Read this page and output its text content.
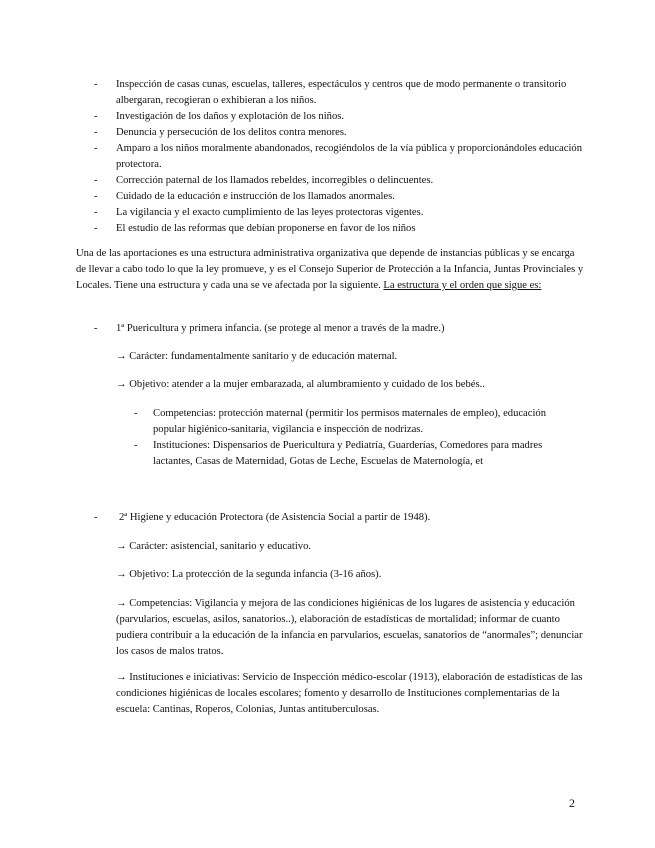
- Inspección de casas cunas, escuelas, talleres, espectáculos y centros que de modo permanente o transitorio albergaran, recogieran o exhibieran a los niños.
- Investigación de los daños y explotación de los niños.
- Denuncia y persecución de los delitos contra menores.
- Amparo a los niños moralmente abandonados, recogiéndolos de la vía pública y proporcionándoles educación protectora.
- Corrección paternal de los llamados rebeldes, incorregibles o delincuentes.
- Cuidado de la educación e instrucción de los llamados anormales.
- La vigilancia y el exacto cumplimiento de las leyes protectoras vigentes.
- El estudio de las reformas que debían proponerse en favor de los niños

Una de las aportaciones es una estructura administrativa organizativa que depende de instancias públicas y se encarga de llevar a cabo todo lo que la ley promueve, y es el Consejo Superior de Protección a la Infancia, Juntas Provinciales y Locales. Tiene una estructura y cada una se ve afectada por la siguiente. La estructura y el orden que sigue es:

- 1ª Puericultura y primera infancia. (se protege al menor a través de la madre.)

→ Carácter: fundamentalmente sanitario y de educación maternal.

→ Objetivo: atender a la mujer embarazada, al alumbramiento y cuidado de los bebés..

- Competencias: protección maternal (permitir los permisos maternales de empleo), educación popular higiénico-sanitaria, vigilancia e inspección de nodrizas.
- Instituciones: Dispensarios de Puericultura y Pediatría, Guarderías, Comedores para madres lactantes, Casas de Maternidad, Gotas de Leche, Escuelas de Maternología, et
- 2ª Higiene y educación Protectora (de Asistencia Social a partir de 1948).

→ Carácter: asistencial, sanitario y educativo.

→ Objetivo: La protección de la segunda infancia (3-16 años).

→ Competencias: Vigilancia y mejora de las condiciones higiénicas de los lugares de asistencia y educación (parvularios, escuelas, asilos, sanatorios..), elaboración de estadísticas de mortalidad; informar de cuanto pudiera contribuir a la educación de la infancia en parvularios, escuelas, sanatorios de “anormales”; denunciar los casos de malos tratos.

→ Instituciones e iniciativas: Servicio de Inspección médico-escolar (1913), elaboración de estadísticas de las condiciones higiénicas de locales escolares; fomento y desarrollo de Instituciones complementarias de la escuela: Cantinas, Roperos, Colonias, Juntas antituberculosas.

2
